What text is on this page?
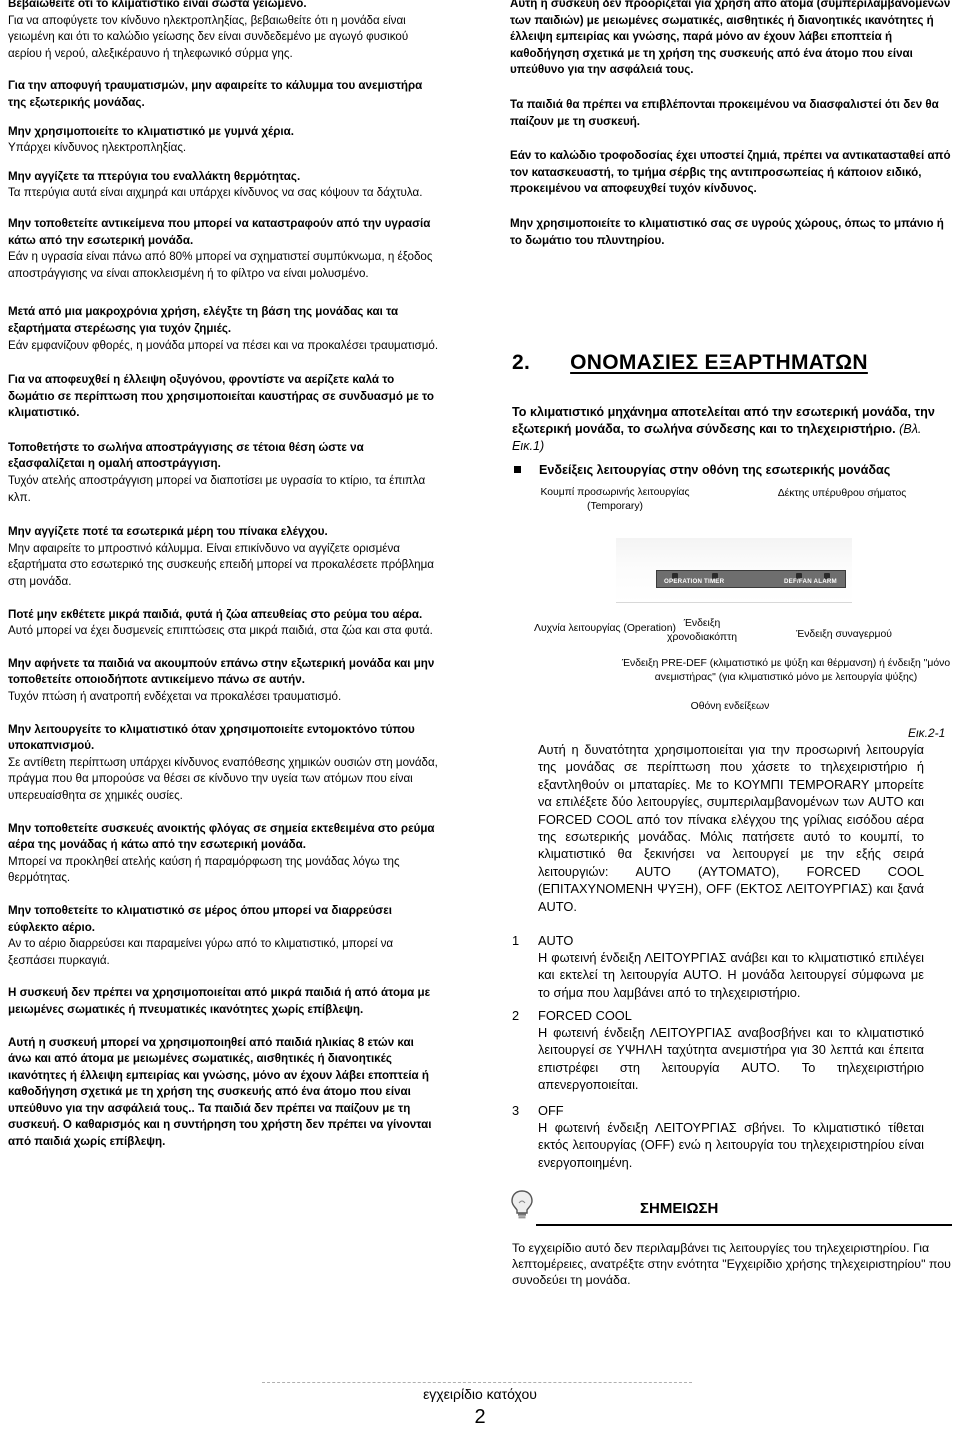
Βεβαιωθείτε ότι το κλιματιστικό είναι σωστά γειωμένο.
Για να αποφύγετε τον κίνδυνο ηλεκτροπληξίας, βεβαιωθείτε ότι η μονάδα είναι γειωμένη και ότι το καλώδιο γείωσης δεν είναι συνδεδεμένο με αγωγό φυσικού αερίου ή νερού, αλεξικέραυνο ή τηλεφωνικό σύρμα γης.
Για την αποφυγή τραυματισμών, μην αφαιρείτε το κάλυμμα του ανεμιστήρα της εξωτερικής μονάδας.
Μην χρησιμοποιείτε το κλιματιστικό με γυμνά χέρια.
Υπάρχει κίνδυνος ηλεκτροπληξίας.
Μην αγγίζετε τα πτερύγια του εναλλάκτη θερμότητας.
Τα πτερύγια αυτά είναι αιχμηρά και υπάρχει κίνδυνος να σας κόψουν τα δάχτυλα.
Μην τοποθετείτε αντικείμενα που μπορεί να καταστραφούν από την υγρασία κάτω από την εσωτερική μονάδα.
Εάν η υγρασία είναι πάνω από 80% μπορεί να σχηματιστεί συμπύκνωμα, η έξοδος αποστράγγισης να είναι αποκλεισμένη ή το φίλτρο να είναι μολυσμένο.
Μετά από μια μακροχρόνια χρήση, ελέγξτε τη βάση της μονάδας και τα εξαρτήματα στερέωσης για τυχόν ζημιές.
Εάν εμφανίζουν φθορές, η μονάδα μπορεί να πέσει και να προκαλέσει τραυματισμό.
Για να αποφευχθεί η έλλειψη οξυγόνου, φροντίστε να αερίζετε καλά το δωμάτιο σε περίπτωση που χρησιμοποιείται καυστήρας σε συνδυασμό με το κλιματιστικό.
Τοποθετήστε το σωλήνα αποστράγγισης σε τέτοια θέση ώστε να εξασφαλίζεται η ομαλή αποστράγγιση.
Τυχόν ατελής αποστράγγιση μπορεί να διαποτίσει με υγρασία το κτίριο, τα έπιπλα κλπ.
Μην αγγίζετε ποτέ τα εσωτερικά μέρη του πίνακα ελέγχου.
Μην αφαιρείτε το μπροστινό κάλυμμα. Είναι επικίνδυνο να αγγίζετε ορισμένα εξαρτήματα στο εσωτερικό της συσκευής επειδή μπορεί να προκαλέσετε πρόβλημα στη μονάδα.
Ποτέ μην εκθέτετε μικρά παιδιά, φυτά ή ζώα απευθείας στο ρεύμα του αέρα.
Αυτό μπορεί να έχει δυσμενείς επιπτώσεις στα μικρά παιδιά, στα ζώα και στα φυτά.
Μην αφήνετε τα παιδιά να ακουμπούν επάνω στην εξωτερική μονάδα και μην τοποθετείτε οποιοδήποτε αντικείμενο πάνω σε αυτήν.
Τυχόν πτώση ή ανατροπή ενδέχεται να προκαλέσει τραυματισμό.
Μην λειτουργείτε το κλιματιστικό όταν χρησιμοποιείτε εντομοκτόνο τύπου υποκαπνισμού.
Σε αντίθετη περίπτωση υπάρχει κίνδυνος εναπόθεσης χημικών ουσιών στη μονάδα, πράγμα που θα μπορούσε να θέσει σε κίνδυνο την υγεία των ατόμων που είναι υπερευαίσθητα σε χημικές ουσίες.
Μην τοποθετείτε συσκευές ανοικτής φλόγας σε σημεία εκτεθειμένα στο ρεύμα αέρα της μονάδας ή κάτω από την εσωτερική μονάδα.
Μπορεί να προκληθεί ατελής καύση ή παραμόρφωση της μονάδας λόγω της θερμότητας.
Μην τοποθετείτε το κλιματιστικό σε μέρος όπου μπορεί να διαρρεύσει εύφλεκτο αέριο.
Αν το αέριο διαρρεύσει και παραμείνει γύρω από το κλιματιστικό, μπορεί να ξεσπάσει πυρκαγιά.
Η συσκευή δεν πρέπει να χρησιμοποιείται από μικρά παιδιά ή από άτομα με μειωμένες σωματικές ή πνευματικές ικανότητες χωρίς επίβλεψη.
Αυτή η συσκευή μπορεί να χρησιμοποιηθεί από παιδιά ηλικίας 8 ετών και άνω και από άτομα με μειωμένες σωματικές, αισθητικές ή διανοητικές ικανότητες ή έλλειψη εμπειρίας και γνώσης, μόνο αν έχουν λάβει εποπτεία ή καθοδήγηση σχετικά με τη χρήση της συσκευής από ένα άτομο που είναι υπεύθυνο για την ασφάλειά τους.. Τα παιδιά δεν πρέπει να παίζουν με τη συσκευή. Ο καθαρισμός και η συντήρηση του χρήστη δεν πρέπει να γίνονται από παιδιά χωρίς επίβλεψη.
Αυτή η συσκευή δεν προορίζεται για χρήση από άτομα (συμπεριλαμβανομένων των παιδιών) με μειωμένες σωματικές, αισθητικές ή διανοητικές ικανότητες ή έλλειψη εμπειρίας και γνώσης, παρά μόνο αν έχουν λάβει εποπτεία ή καθοδήγηση σχετικά με τη χρήση της συσκευής από ένα άτομο που είναι υπεύθυνο για την ασφάλειά τους.
Τα παιδιά θα πρέπει να επιβλέπονται προκειμένου να διασφαλιστεί ότι δεν θα παίζουν με τη συσκευή.
Εάν το καλώδιο τροφοδοσίας έχει υποστεί ζημιά, πρέπει να αντικατασταθεί από τον κατασκευαστή, το τμήμα σέρβις της αντιπροσωπείας ή κάποιον ειδικό, προκειμένου να αποφευχθεί τυχόν κίνδυνος.
Μην χρησιμοποιείτε το κλιματιστικό σας σε υγρούς χώρους, όπως το μπάνιο ή το δωμάτιο του πλυντηρίου.
2. ΟΝΟΜΑΣΙΕΣ ΕΞΑΡΤΗΜΑΤΩΝ
Το κλιματιστικό μηχάνημα αποτελείται από την εσωτερική μονάδα, την εξωτερική μονάδα, το σωλήνα σύνδεσης και το τηλεχειριστήριο. (Βλ. Εικ.1)
Ενδείξεις λειτουργίας στην οθόνη της εσωτερικής μονάδας
Κουμπί προσωρινής λειτουργίας (Temporary)
Δέκτης υπέρυθρου σήματος
OPERATION TIMER	DEF/FAN ALARM
Λυχνία λειτουργίας (Operation) Ένδειξη χρονοδιακόπτη	Ένδειξη συναγερμού
Ένδειξη PRE-DEF (κλιματιστικό με ψύξη και θέρμανση) ή ένδειξη "μόνο ανεμιστήρας" (για κλιματιστικό μόνο με λειτουργία ψύξης)
Οθόνη ενδείξεων
Εικ.2-1
Αυτή η δυνατότητα χρησιμοποιείται για την προσωρινή λειτουργία της μονάδας σε περίπτωση που χάσετε το τηλεχειριστήριο ή εξαντληθούν οι μπαταρίες. Με το ΚΟΥΜΠΙ TEMPORARY μπορείτε να επιλέξετε δύο λειτουργίες, συμπεριλαμβανομένων των AUTO και FORCED COOL από τον πίνακα ελέγχου της γρίλιας εισόδου αέρα της εσωτερικής μονάδας. Μόλις πατήσετε αυτό το κουμπί, το κλιματιστικό θα ξεκινήσει να λειτουργεί με την εξής σειρά λειτουργιών: AUTO (ΑΥΤΟΜΑΤΟ), FORCED COOL (ΕΠΙΤΑΧΥΝΟΜΕΝΗ ΨΥΞΗ), OFF (ΕΚΤΟΣ ΛΕΙΤΟΥΡΓΙΑΣ) και ξανά AUTO.
1 AUTO
Η φωτεινή ένδειξη ΛΕΙΤΟΥΡΓΙΑΣ ανάβει και το κλιματιστικό επιλέγει και εκτελεί τη λειτουργία AUTO. Η μονάδα λειτουργεί σύμφωνα με το σήμα που λαμβάνει από το τηλεχειριστήριο.
2 FORCED COOL
Η φωτεινή ένδειξη ΛΕΙΤΟΥΡΓΙΑΣ αναβοσβήνει και το κλιματιστικό λειτουργεί σε ΥΨΗΛΗ ταχύτητα ανεμιστήρα για 30 λεπτά και έπειτα επιστρέφει στη λειτουργία AUTO. Το τηλεχειριστήριο απενεργοποιείται.
3 OFF
Η φωτεινή ένδειξη ΛΕΙΤΟΥΡΓΙΑΣ σβήνει. Το κλιματιστικό τίθεται εκτός λειτουργίας (OFF) ενώ η λειτουργία του τηλεχειριστηρίου είναι ενεργοποιημένη.
ΣΗΜΕΙΩΣΗ
Το εγχειρίδιο αυτό δεν περιλαμβάνει τις λειτουργίες του τηλεχειριστηρίου. Για λεπτομέρειες, ανατρέξτε στην ενότητα "Εγχειρίδιο χρήσης τηλεχειριστηρίου" που συνοδεύει τη μονάδα.
εγχειρίδιο κατόχου
2
